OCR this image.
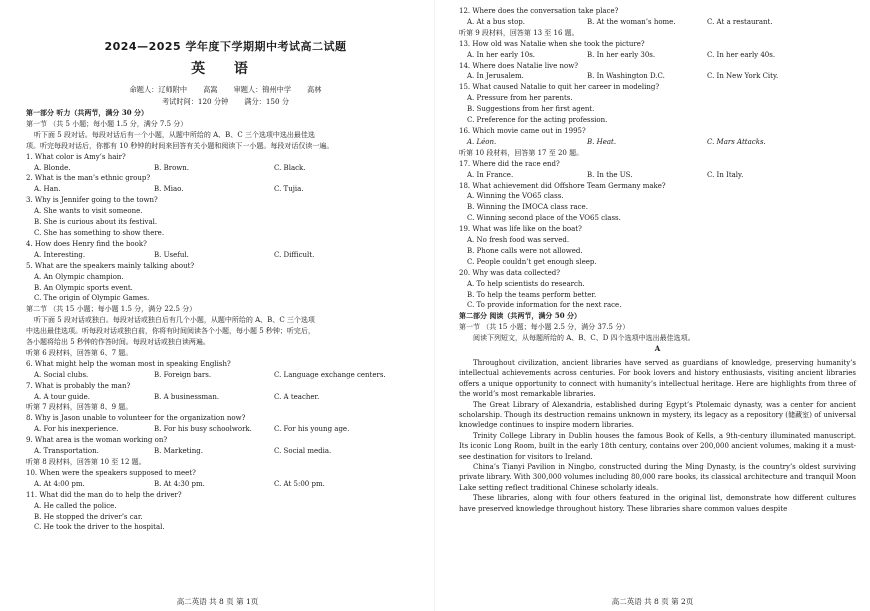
2024—2025 学年度下学期期中考试高二试题
英 语
命题人：辽师附中 高嵩 审题人：锦州中学 高林
考试时间：120 分钟 满分：150 分
第一部分 听力（共两节，满分 30 分）
第一节 （共 5 小题；每小题 1.5 分，满分 7.5 分）
听下面 5 段对话。每段对话后有一个小题，从题中所给的 A、B、C 三个选项中选出最佳选
项。听完每段对话后，你都有 10 秒钟的时间来回答有关小题和阅读下一小题。每段对话仅读一遍。
1. What color is Amy’s hair?
A. Blonde.	B. Brown.	C. Black.
2. What is the man’s ethnic group?
A. Han.	B. Miao.	C. Tujia.
3. Why is Jennifer going to the town?
A. She wants to visit someone.
B. She is curious about its festival.
C. She has something to show there.
4. How does Henry find the book?
A. Interesting.	B. Useful.	C. Difficult.
5. What are the speakers mainly talking about?
A. An Olympic champion.
B. An Olympic sports event.
C. The origin of Olympic Games.
第二节 （共 15 小题；每小题 1.5 分，满分 22.5 分）
听下面 5 段对话或独白。每段对话或独白后有几个小题，从题中所给的 A、B、C 三个选项
中选出最佳选项。听每段对话或独白前，你将有时间阅读各个小题，每小题 5 秒钟；听完后，
各小题将给出 5 秒钟的作答时间。每段对话或独白读两遍。
听第 6 段材料，回答第 6、7 题。
6. What might help the woman most in speaking English?
A. Social clubs.	B. Foreign bars.	C. Language exchange centers.
7. What is probably the man?
A. A tour guide.	B. A businessman.	C. A teacher.
听第 7 段材料，回答第 8、9 题。
8. Why is Jason unable to volunteer for the organization now?
A. For his inexperience.	B. For his busy schoolwork.	C. For his young age.
9. What area is the woman working on?
A. Transportation.	B. Marketing.	C. Social media.
听第 8 段材料，回答第 10 至 12 题。
10. When were the speakers supposed to meet?
A. At 4:00 pm.	B. At 4:30 pm.	C. At 5:00 pm.
11. What did the man do to help the driver?
A. He called the police.
B. He stopped the driver’s car.
C. He took the driver to the hospital.
高二英语 共 8 页 第 1页
12. Where does the conversation take place?
A. At a bus stop.	B. At the woman’s home.	C. At a restaurant.
听第 9 段材料，回答第 13 至 16 题。
13. How old was Natalie when she took the picture?
A. In her early 10s.	B. In her early 30s.	C. In her early 40s.
14. Where does Natalie live now?
A. In Jerusalem.	B. In Washington D.C.	C. In New York City.
15. What caused Natalie to quit her career in modeling?
A. Pressure from her parents.
B. Suggestions from her first agent.
C. Preference for the acting profession.
16. Which movie came out in 1995?
A. Léon.	B. Heat.	C. Mars Attacks.
听第 10 段材料，回答第 17 至 20 题。
17. Where did the race end?
A. In France.	B. In the US.	C. In Italy.
18. What achievement did Offshore Team Germany make?
A. Winning the VO65 class.
B. Winning the IMOCA class race.
C. Winning second place of the VO65 class.
19. What was life like on the boat?
A. No fresh food was served.
B. Phone calls were not allowed.
C. People couldn’t get enough sleep.
20. Why was data collected?
A. To help scientists do research.
B. To help the teams perform better.
C. To provide information for the next race.
第二部分 阅读（共两节，满分 50 分）
第一节 （共 15 小题；每小题 2.5 分，满分 37.5 分）
阅读下列短文，从每题所给的 A、B、C、D 四个选项中选出最佳选项。
A
Throughout civilization, ancient libraries have served as guardians of knowledge, preserving humanity’s intellectual achievements across centuries. For book lovers and history enthusiasts, visiting ancient libraries offers a unique opportunity to connect with humanity’s intellectual heritage. Here are highlights from three of the world’s most remarkable libraries.
The Great Library of Alexandria, established during Egypt’s Ptolemaic dynasty, was a center for ancient scholarship. Though its destruction remains unknown in mystery, its legacy as a repository (储藏室) of universal knowledge continues to inspire modern libraries.
Trinity College Library in Dublin houses the famous Book of Kells, a 9th-century illuminated manuscript. Its iconic Long Room, built in the early 18th century, contains over 200,000 ancient volumes, making it a must-see destination for visitors to Ireland.
China’s Tianyi Pavilion in Ningbo, constructed during the Ming Dynasty, is the country’s oldest surviving private library. With 300,000 volumes including 80,000 rare books, its classical architecture and tranquil Moon Lake setting reflect traditional Chinese scholarly ideals.
These libraries, along with four others featured in the original list, demonstrate how different cultures have preserved knowledge throughout history. These libraries share common values despite
高二英语 共 8 页 第 2页
